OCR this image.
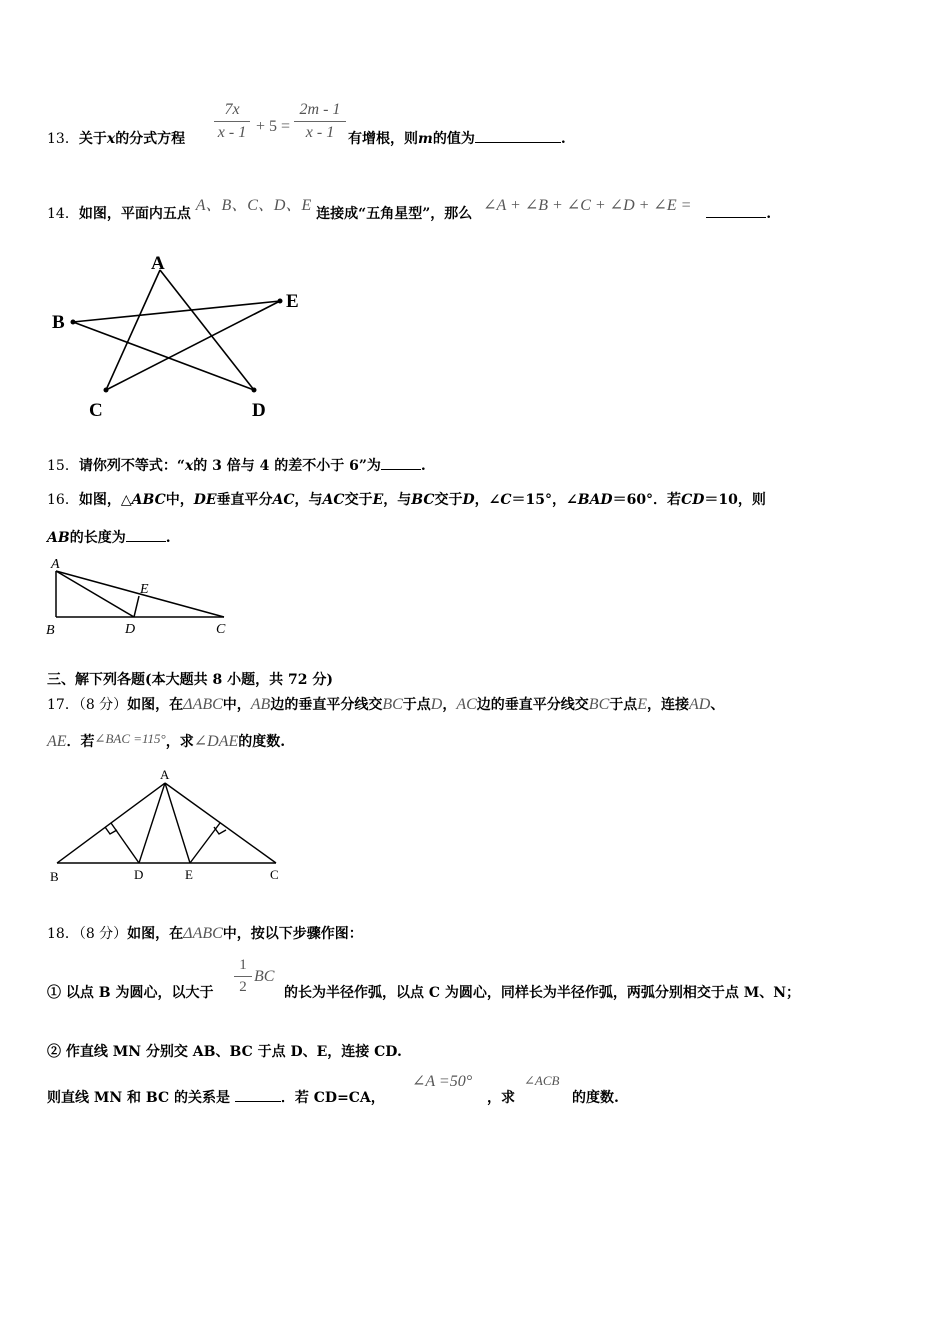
13．关于x的分式方程
7x
x - 1 + 5 =
2m - 1
x - 1 有增根，则m的值为	.
14．如图，平面内五点 A、B、C、D、E 连接成“五角星型”，那么 ∠A + ∠B + ∠C + ∠D + ∠E =	.
A
B
E
C	D
15．请你列不等式：“x的 3 倍与 4 的差不小于 6”为	.
16．如图，△ABC中，DE垂直平分AC，与AC交于E，与BC交于D，∠C＝15°，∠BAD＝60°．若CD＝10，则
AB的长度为	.
A
B	D
E
C
三、解下列各题(本大题共 8 小题，共 72 分)
17．（8 分）如图，在ΔABC中，AB边的垂直平分线交BC于点D，AC边的垂直平分线交BC于点E，连接AD、
AE．若∠BAC =115°，求∠DAE的度数.
A
B	D	E	C
18．（8 分）如图，在ΔABC中，按以下步骤作图：
① 以点 B 为圆心，以大于
1
2
BC
的长为半径作弧，以点 C 为圆心，同样长为半径作弧，两弧分别相交于点 M、N；
② 作直线 MN 分别交 AB、BC 于点 D、E，连接 CD.
则直线 MN 和 BC 的关系是	．若 CD=CA，
∠A =50°
，求
∠ACB
的度数.
